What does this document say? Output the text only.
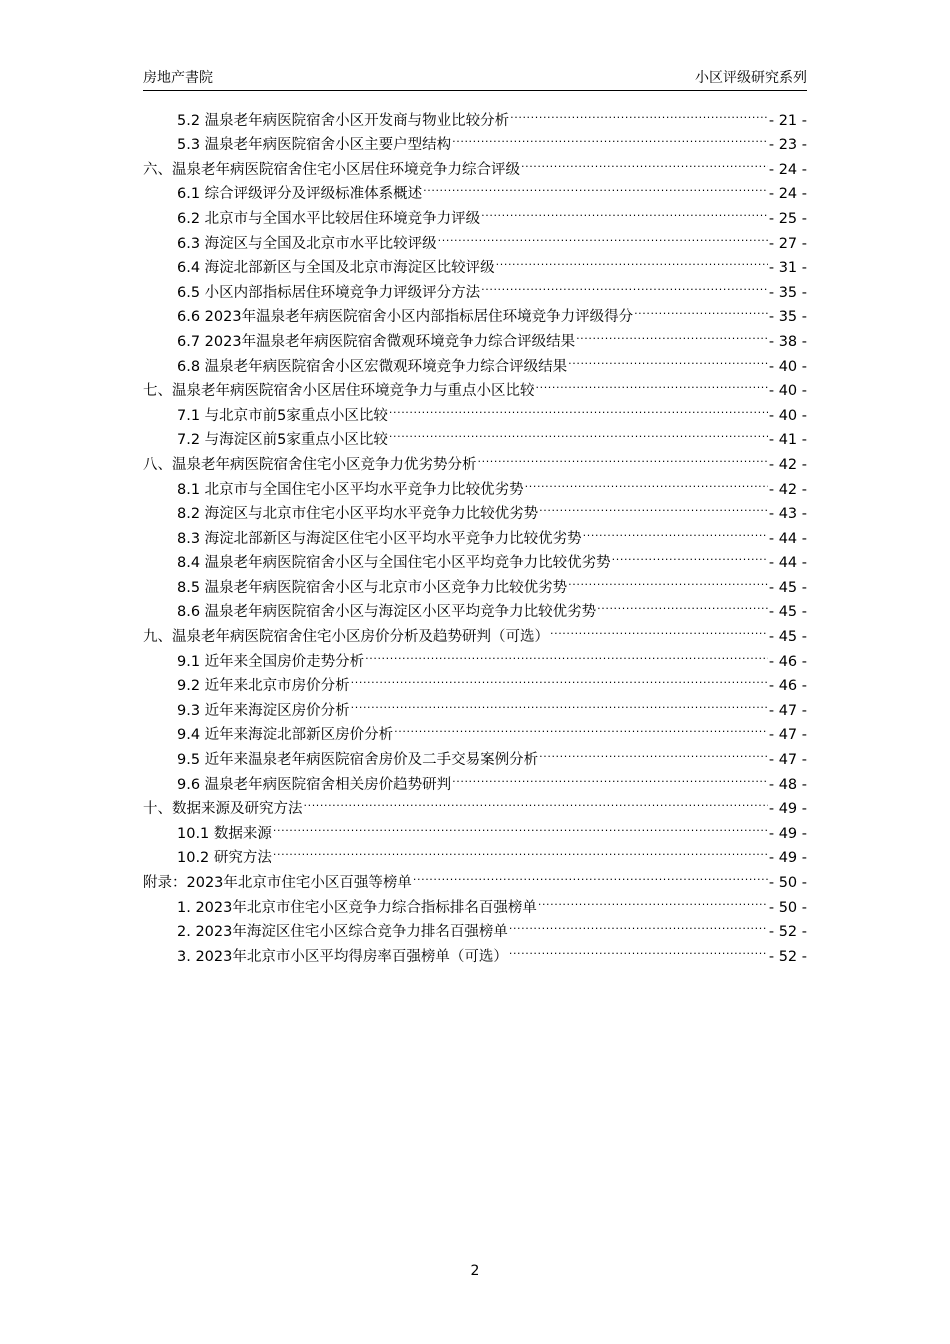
房地产書院	小区评级研究系列
5.2 温泉老年病医院宿舍小区开发商与物业比较分析 .....	- 21 -
5.3 温泉老年病医院宿舍小区主要户型结构 .....	- 23 -
六、温泉老年病医院宿舍住宅小区居住环境竞争力综合评级 .....	- 24 -
6.1 综合评级评分及评级标准体系概述 .....	- 24 -
6.2 北京市与全国水平比较居住环境竞争力评级 .....	- 25 -
6.3 海淀区与全国及北京市水平比较评级 .....	- 27 -
6.4 海淀北部新区与全国及北京市海淀区比较评级 .....	- 31 -
6.5 小区内部指标居住环境竞争力评级评分方法 .....	- 35 -
6.6 2023年温泉老年病医院宿舍小区内部指标居住环境竞争力评级得分 .....	- 35 -
6.7 2023年温泉老年病医院宿舍微观环境竞争力综合评级结果 .....	- 38 -
6.8 温泉老年病医院宿舍小区宏微观环境竞争力综合评级结果 .....	- 40 -
七、温泉老年病医院宿舍小区居住环境竞争力与重点小区比较 .....	- 40 -
7.1 与北京市前5家重点小区比较 .....	- 40 -
7.2 与海淀区前5家重点小区比较 .....	- 41 -
八、温泉老年病医院宿舍住宅小区竞争力优劣势分析 .....	- 42 -
8.1 北京市与全国住宅小区平均水平竞争力比较优劣势 .....	- 42 -
8.2 海淀区与北京市住宅小区平均水平竞争力比较优劣势 .....	- 43 -
8.3 海淀北部新区与海淀区住宅小区平均水平竞争力比较优劣势 .....	- 44 -
8.4 温泉老年病医院宿舍小区与全国住宅小区平均竞争力比较优劣势 .....	- 44 -
8.5 温泉老年病医院宿舍小区与北京市小区竞争力比较优劣势 .....	- 45 -
8.6 温泉老年病医院宿舍小区与海淀区小区平均竞争力比较优劣势 .....	- 45 -
九、温泉老年病医院宿舍住宅小区房价分析及趋势研判（可选） .....	- 45 -
9.1 近年来全国房价走势分析 .....	- 46 -
9.2 近年来北京市房价分析 .....	- 46 -
9.3 近年来海淀区房价分析 .....	- 47 -
9.4 近年来海淀北部新区房价分析 .....	- 47 -
9.5 近年来温泉老年病医院宿舍房价及二手交易案例分析 .....	- 47 -
9.6 温泉老年病医院宿舍相关房价趋势研判 .....	- 48 -
十、数据来源及研究方法 .....	- 49 -
10.1 数据来源 .....	- 49 -
10.2 研究方法 .....	- 49 -
附录：2023年北京市住宅小区百强等榜单 .....	- 50 -
1. 2023年北京市住宅小区竞争力综合指标排名百强榜单 .....	- 50 -
2. 2023年海淀区住宅小区综合竞争力排名百强榜单 .....	- 52 -
3. 2023年北京市小区平均得房率百强榜单（可选） .....	- 52 -
2
